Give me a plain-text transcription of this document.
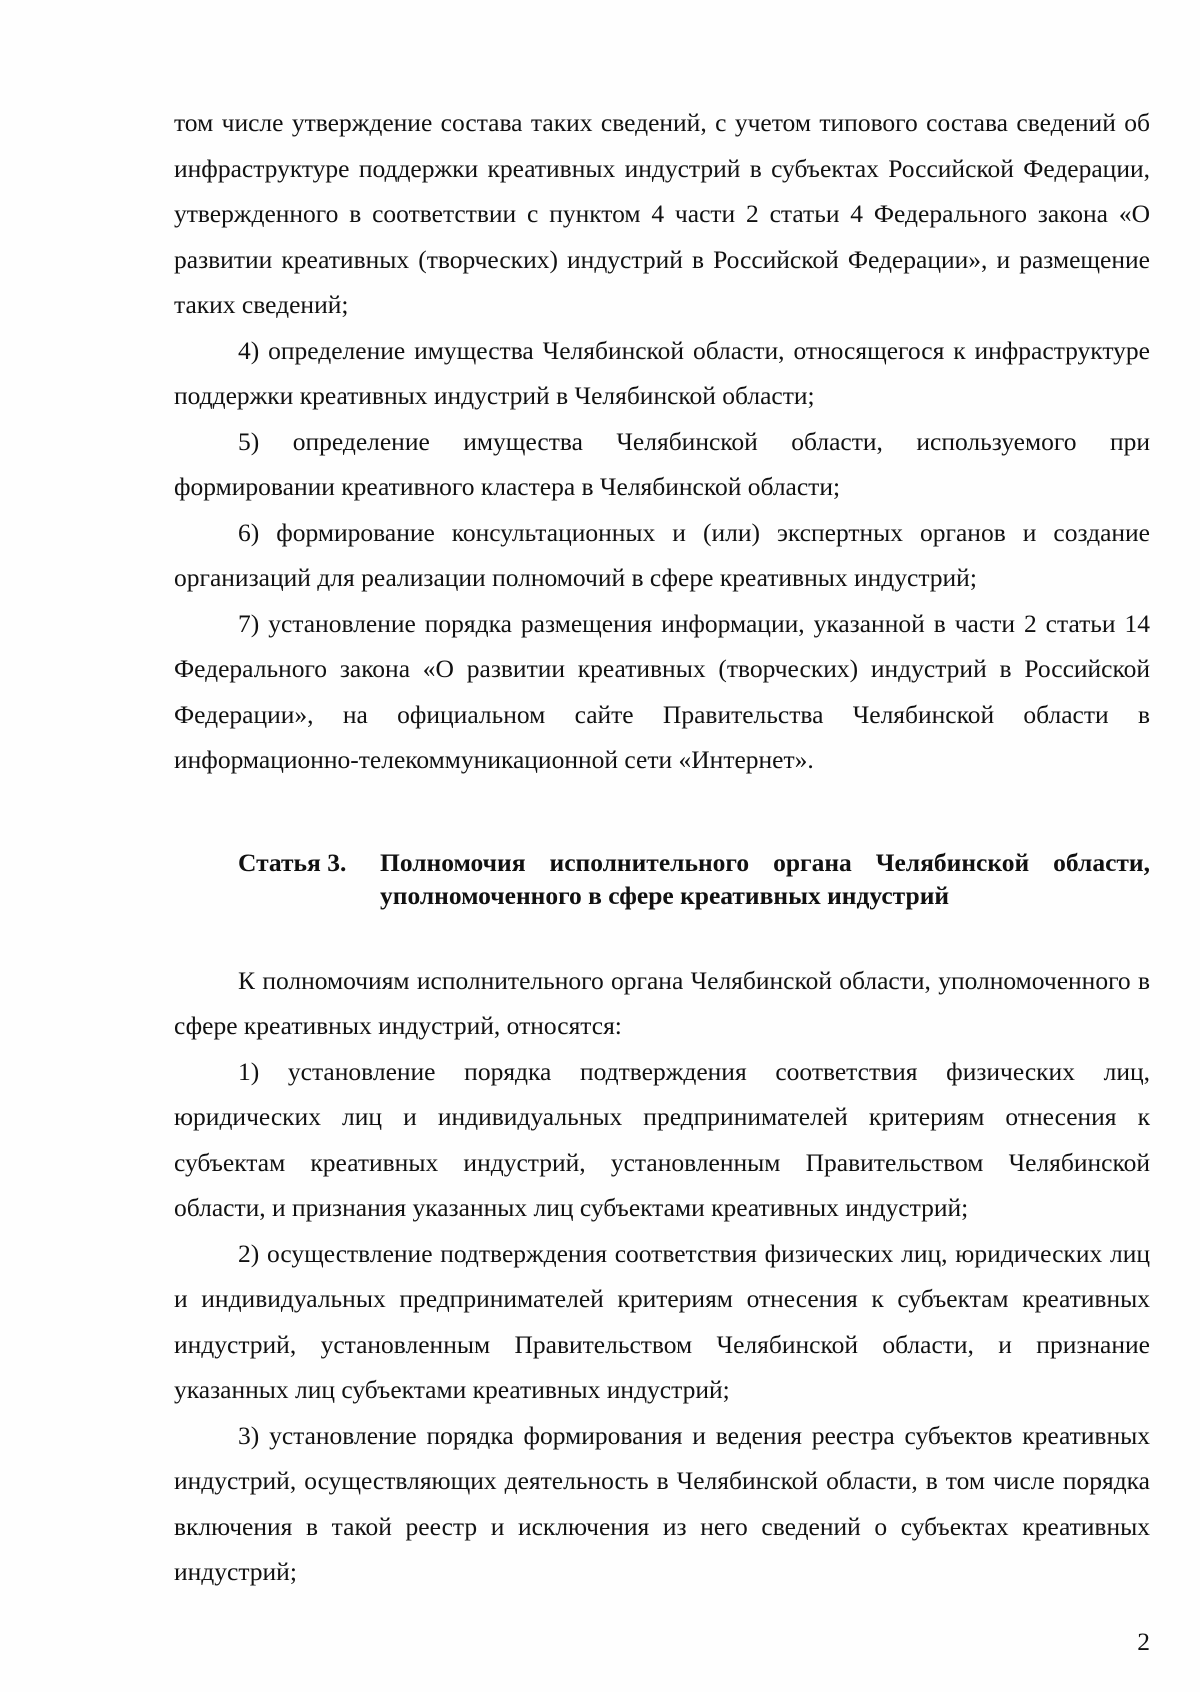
том числе утверждение состава таких сведений, с учетом типового состава сведений об инфраструктуре поддержки креативных индустрий в субъектах Российской Федерации, утвержденного в соответствии с пунктом 4 части 2 статьи 4 Федерального закона «О развитии креативных (творческих) индустрий в Российской Федерации», и размещение таких сведений;

4) определение имущества Челябинской области, относящегося к инфраструктуре поддержки креативных индустрий в Челябинской области;

5) определение имущества Челябинской области, используемого при формировании креативного кластера в Челябинской области;

6) формирование консультационных и (или) экспертных органов и создание организаций для реализации полномочий в сфере креативных индустрий;

7) установление порядка размещения информации, указанной в части 2 статьи 14 Федерального закона «О развитии креативных (творческих) индустрий в Российской Федерации», на официальном сайте Правительства Челябинской области в информационно-телекоммуникационной сети «Интернет».

Статья 3.	Полномочия исполнительного органа Челябинской области, уполномоченного в сфере креативных индустрий

К полномочиям исполнительного органа Челябинской области, уполномоченного в сфере креативных индустрий, относятся:

1) установление порядка подтверждения соответствия физических лиц, юридических лиц и индивидуальных предпринимателей критериям отнесения к субъектам креативных индустрий, установленным Правительством Челябинской области, и признания указанных лиц субъектами креативных индустрий;

2) осуществление подтверждения соответствия физических лиц, юридических лиц и индивидуальных предпринимателей критериям отнесения к субъектам креативных индустрий, установленным Правительством Челябинской области, и признание указанных лиц субъектами креативных индустрий;

3) установление порядка формирования и ведения реестра субъектов креативных индустрий, осуществляющих деятельность в Челябинской области, в том числе порядка включения в такой реестр и исключения из него сведений о субъектах креативных индустрий;

2
